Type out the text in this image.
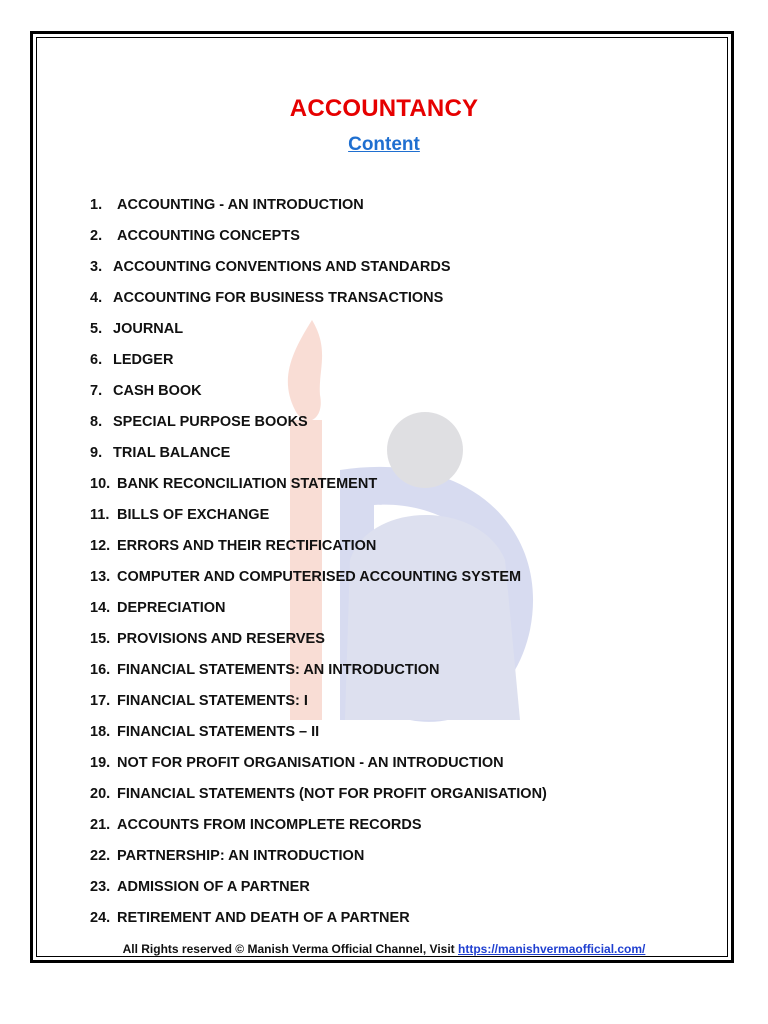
ACCOUNTANCY
Content
1.	ACCOUNTING - AN INTRODUCTION
2.	ACCOUNTING CONCEPTS
3. ACCOUNTING CONVENTIONS AND STANDARDS
4. ACCOUNTING FOR BUSINESS TRANSACTIONS
5. JOURNAL
6. LEDGER
7. CASH BOOK
8. SPECIAL PURPOSE BOOKS
9. TRIAL BALANCE
10. BANK RECONCILIATION STATEMENT
11. BILLS OF EXCHANGE
12. ERRORS AND THEIR RECTIFICATION
13. COMPUTER AND COMPUTERISED ACCOUNTING SYSTEM
14. DEPRECIATION
15. PROVISIONS AND RESERVES
16. FINANCIAL STATEMENTS: AN INTRODUCTION
17. FINANCIAL STATEMENTS: I
18. FINANCIAL STATEMENTS – II
19. NOT FOR PROFIT ORGANISATION - AN INTRODUCTION
20. FINANCIAL STATEMENTS (NOT FOR PROFIT ORGANISATION)
21. ACCOUNTS FROM INCOMPLETE RECORDS
22. PARTNERSHIP: AN INTRODUCTION
23. ADMISSION OF A PARTNER
24. RETIREMENT AND DEATH OF A PARTNER
All Rights reserved © Manish Verma Official Channel, Visit https://manishvermaofficial.com/
